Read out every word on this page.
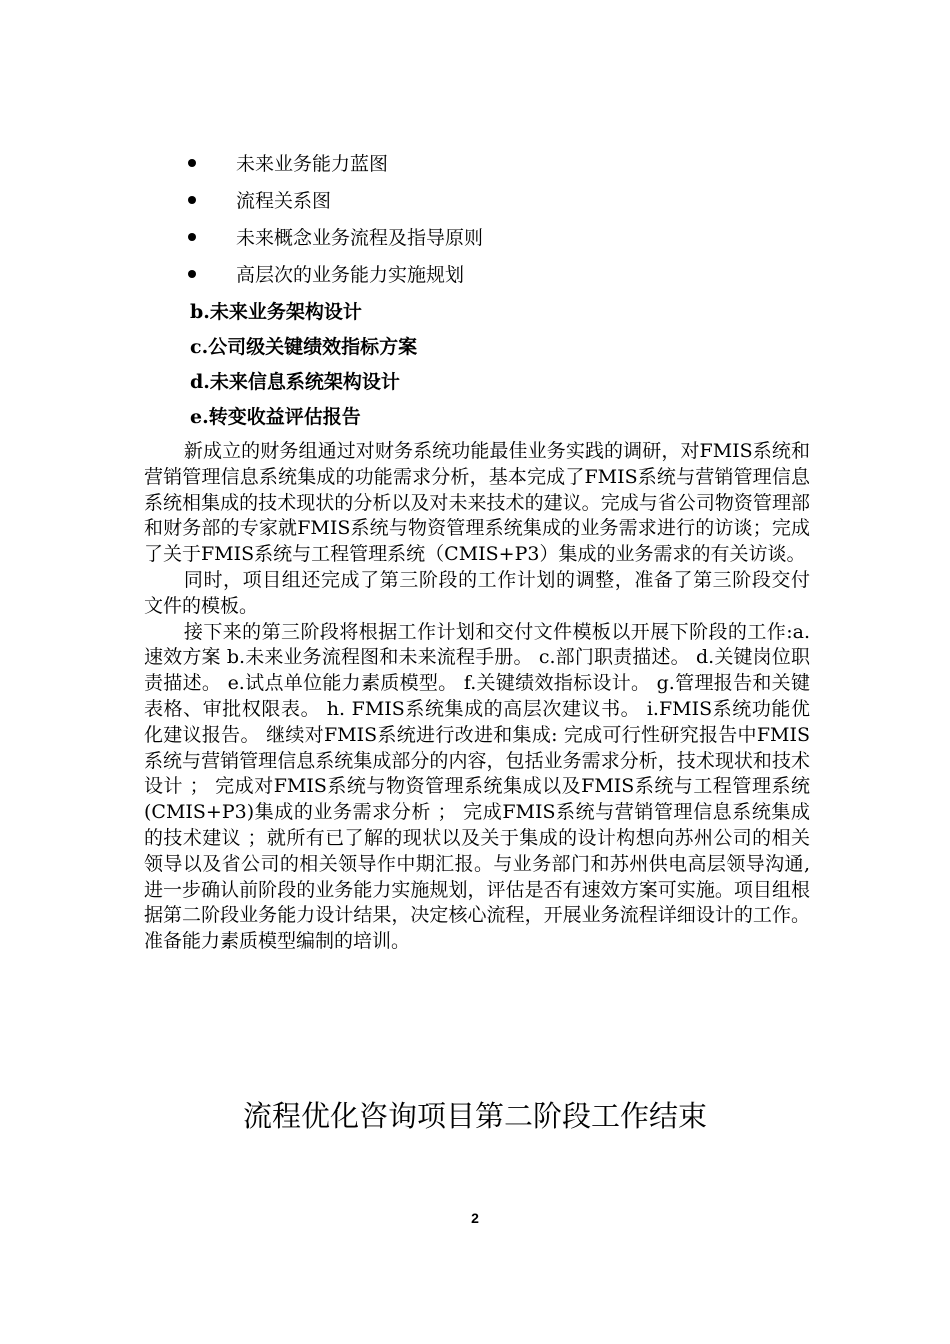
未来业务能力蓝图
流程关系图
未来概念业务流程及指导原则
高层次的业务能力实施规划
b.未来业务架构设计
c.公司级关键绩效指标方案
d.未来信息系统架构设计
e.转变收益评估报告

新成立的财务组通过对财务系统功能最佳业务实践的调研，对FMIS系统和营销管理信息系统集成的功能需求分析，基本完成了FMIS系统与营销管理信息系统相集成的技术现状的分析以及对未来技术的建议。完成与省公司物资管理部和财务部的专家就FMIS系统与物资管理系统集成的业务需求进行的访谈；完成了关于FMIS系统与工程管理系统（CMIS+P3）集成的业务需求的有关访谈。

同时，项目组还完成了第三阶段的工作计划的调整，准备了第三阶段交付文件的模板。

接下来的第三阶段将根据工作计划和交付文件模板以开展下阶段的工作:a.速效方案 b.未来业务流程图和未来流程手册。 c.部门职责描述。 d.关键岗位职责描述。 e.试点单位能力素质模型。 f.关键绩效指标设计。 g.管理报告和关键表格、审批权限表。 h. FMIS系统集成的高层次建议书。 i.FMIS系统功能优化建议报告。 继续对FMIS系统进行改进和集成: 完成可行性研究报告中FMIS系统与营销管理信息系统集成部分的内容，包括业务需求分析，技术现状和技术设计 ； 完成对FMIS系统与物资管理系统集成以及FMIS系统与工程管理系统(CMIS+P3)集成的业务需求分析 ； 完成FMIS系统与营销管理信息系统集成的技术建议 ；就所有已了解的现状以及关于集成的设计构想向苏州公司的相关领导以及省公司的相关领导作中期汇报。与业务部门和苏州供电高层领导沟通,进一步确认前阶段的业务能力实施规划，评估是否有速效方案可实施。项目组根据第二阶段业务能力设计结果，决定核心流程，开展业务流程详细设计的工作。准备能力素质模型编制的培训。

流程优化咨询项目第二阶段工作结束
2
